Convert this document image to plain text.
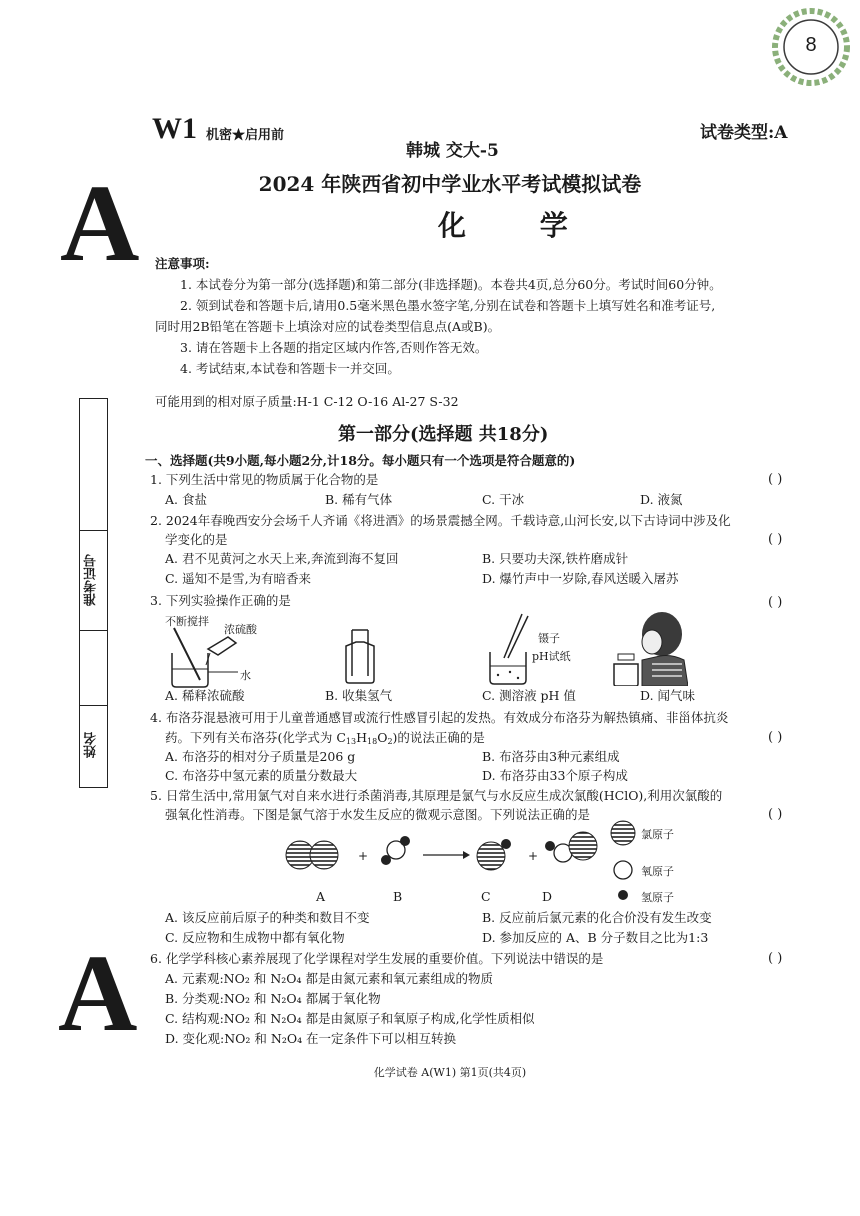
8
W1 机密★启用前	试卷类型:A
A
A
韩城 交大-5
2024 年陕西省初中学业水平考试模拟试卷
化 学
注意事项:
1. 本试卷分为第一部分(选择题)和第二部分(非选择题)。本卷共4页,总分60分。考试时间60分钟。
2. 领到试卷和答题卡后,请用0.5毫米黑色墨水签字笔,分别在试卷和答题卡上填写姓名和准考证号,
同时用2B铅笔在答题卡上填涂对应的试卷类型信息点(A或B)。
3. 请在答题卡上各题的指定区域内作答,否则作答无效。
4. 考试结束,本试卷和答题卡一并交回。
可能用到的相对原子质量:H-1 C-12 O-16 Al-27 S-32
准考证号
姓名
第一部分(选择题 共18分)
一、选择题(共9小题,每小题2分,计18分。每小题只有一个选项是符合题意的)
1. 下列生活中常见的物质属于化合物的是	( )
A. 食盐	B. 稀有气体	C. 干冰	D. 液氮
2. 2024年春晚西安分会场千人齐诵《将进酒》的场景震撼全网。千载诗意,山河长安,以下古诗词中涉及化
学变化的是	( )
A. 君不见黄河之水天上来,奔流到海不复回	B. 只要功夫深,铁杵磨成针
C. 遥知不是雪,为有暗香来	D. 爆竹声中一岁除,春风送暖入屠苏
3. 下列实验操作正确的是	( )
不断搅拌
浓硫酸
水
镊子
pH试纸
A. 稀释浓硫酸	B. 收集氢气	C. 测溶液 pH 值	D. 闻气味
4. 布洛芬混悬液可用于儿童普通感冒或流行性感冒引起的发热。有效成分布洛芬为解热镇痛、非甾体抗炎
药。下列有关布洛芬(化学式为 $C_{13}H_{18}O_2$)的说法正确的是	( )
A. 布洛芬的相对分子质量是206 g	B. 布洛芬由3种元素组成
C. 布洛芬中氢元素的质量分数最大	D. 布洛芬由33个原子构成
5. 日常生活中,常用氯气对自来水进行杀菌消毒,其原理是氯气与水反应生成次氯酸(HClO),利用次氯酸的
强氧化性消毒。下图是氯气溶于水发生反应的微观示意图。下列说法正确的是	( )
+	+
氯原子
氧原子
氢原子
A	B	C	D
A. 该反应前后原子的种类和数目不变	B. 反应前后氯元素的化合价没有发生改变
C. 反应物和生成物中都有氧化物	D. 参加反应的 A、B 分子数目之比为1:3
6. 化学学科核心素养展现了化学课程对学生发展的重要价值。下列说法中错误的是	( )
A. 元素观:NO₂ 和 N₂O₄ 都是由氮元素和氧元素组成的物质
B. 分类观:NO₂ 和 N₂O₄ 都属于氧化物
C. 结构观:NO₂ 和 N₂O₄ 都是由氮原子和氧原子构成,化学性质相似
D. 变化观:NO₂ 和 N₂O₄ 在一定条件下可以相互转换
化学试卷 A(W1) 第1页(共4页)
